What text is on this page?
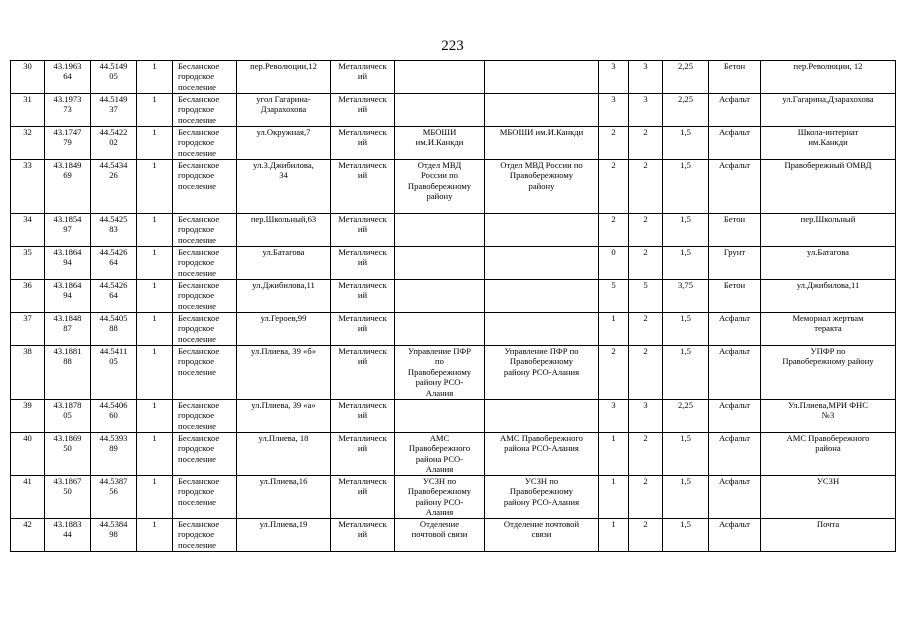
223
30	43.1963
64	44.5149
05	1	Бесланское
городское
поселение	пер.Революции,12	Металлическ
ий			3	3	2,25	Бетон	пер.Революции, 12
31	43.1973
73	44.5149
37	1	Бесланское
городское
поселение	угол Гагарина-
Дзарахохова	Металлическ
ий			3	3	2,25	Асфальт	ул.Гагарина,Дзарахохова
32	43.1747
79	44.5422
02	1	Бесланское
городское
поселение	ул.Окружная,7	Металлическ
ий	МБОШИ
им.И.Канкди	МБОШИ им.И.Канкди	2	2	1,5	Асфальт	Школа-интернат
им.Канкди
33	43.1849
69	44.5434
26	1	Бесланское
городское
поселение	ул.З.Джибилова,
34	Металлическ
ий	Отдел МВД
России по
Правобережному
району	Отдел МВД России по
Правобережному
району	2	2	1,5	Асфальт	Правобережный ОМВД
34	43.1854
97	44.5425
83	1	Бесланское
городское
поселение	пер.Школьный,63	Металлическ
ий			2	2	1,5	Бетон	пер.Школьный
35	43.1864
94	44.5426
64	1	Бесланское
городское
поселение	ул.Батагова	Металлическ
ий			0	2	1,5	Грунт	ул.Батагова
36	43.1864
94	44.5426
64	1	Бесланское
городское
поселение	ул.Джибилова,11	Металлическ
ий			5	5	3,75	Бетон	ул.Джибилова,11
37	43.1848
87	44.5405
88	1	Бесланское
городское
поселение	ул.Героев,99	Металлическ
ий			1	2	1,5	Асфальт	Мемориал жертвам
теракта
38	43.1881
88	44.5411
05	1	Бесланское
городское
поселение	ул.Плиева, 39 «б»	Металлическ
ий	Управление ПФР
по
Правобережному
району РСО-
Алания	Управление ПФР по
Правобережному
району РСО-Алания	2	2	1,5	Асфальт	УПФР по
Правобережному району
39	43.1878
05	44.5406
60	1	Бесланское
городское
поселение	ул.Плиева, 39 «а»	Металлическ
ий			3	3	2,25	Асфальт	Ул.Плиева,МРИ ФНС
№3
40	43.1869
50	44.5393
89	1	Бесланское
городское
поселение	ул.Плиева, 18	Металлическ
ий	АМС
Правобережного
района РСО-
Алания	АМС Правобережного
района РСО-Алания	1	2	1,5	Асфальт	АМС Правобережного
района
41	43.1867
50	44.5387
56	1	Бесланское
городское
поселение	ул.Плиева,16	Металлическ
ий	УСЗН по
Правобережному
району РСО-
Алания	УСЗН по
Правобережному
району РСО-Алания	1	2	1,5	Асфальт	УСЗН
42	43.1883
44	44.5384
98	1	Бесланское
городское
поселение	ул.Плиева,19	Металлическ
ий	Отделение
почтовой связи	Отделение почтовой
связи	1	2	1,5	Асфальт	Почта
